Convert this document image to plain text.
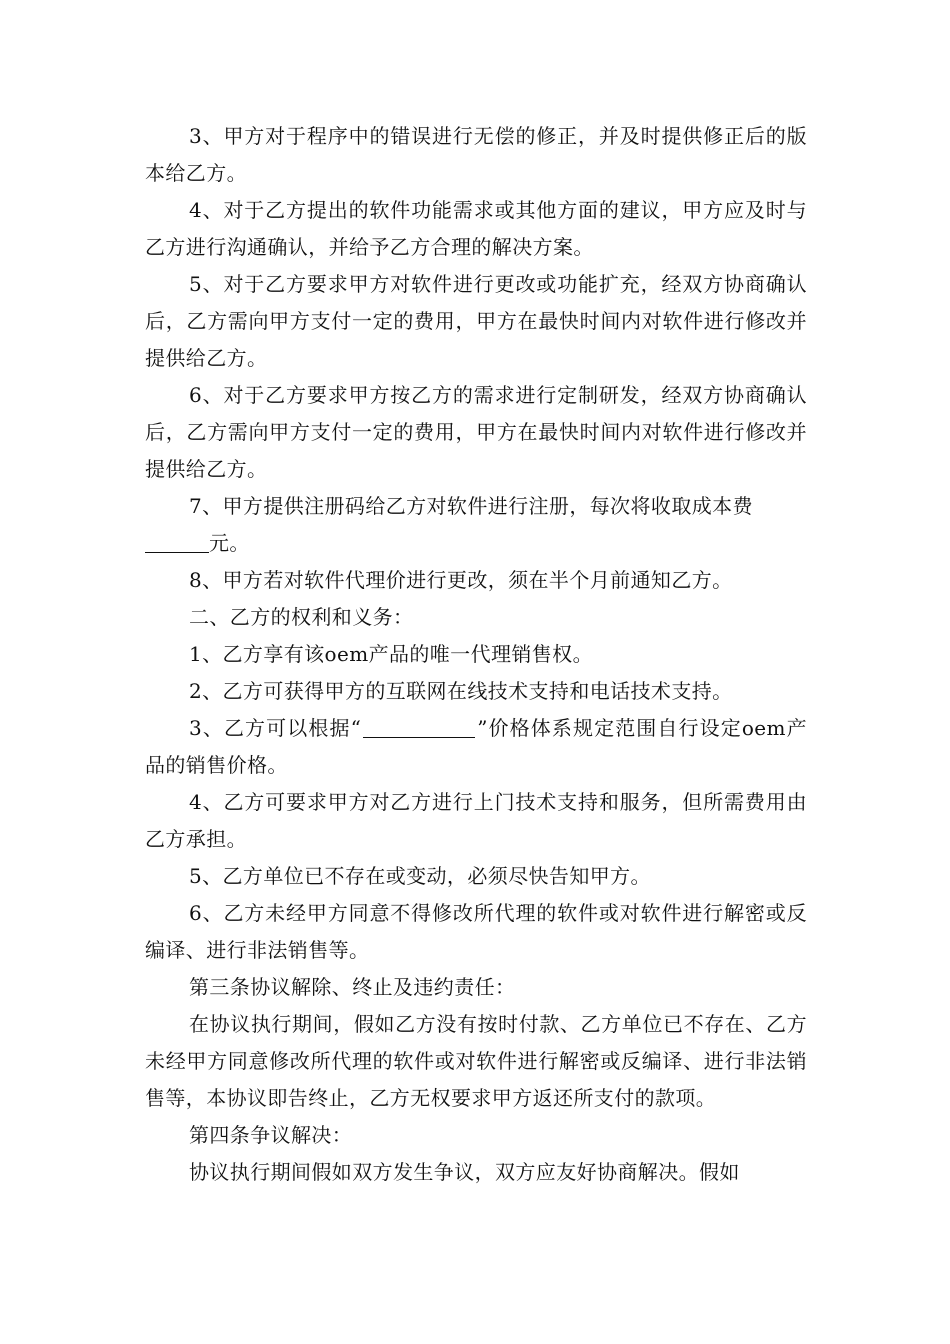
3、甲方对于程序中的错误进行无偿的修正，并及时提供修正后的版本给乙方。

4、对于乙方提出的软件功能需求或其他方面的建议，甲方应及时与乙方进行沟通确认，并给予乙方合理的解决方案。

5、对于乙方要求甲方对软件进行更改或功能扩充，经双方协商确认后，乙方需向甲方支付一定的费用，甲方在最快时间内对软件进行修改并提供给乙方。

6、对于乙方要求甲方按乙方的需求进行定制研发，经双方协商确认后，乙方需向甲方支付一定的费用，甲方在最快时间内对软件进行修改并提供给乙方。

7、甲方提供注册码给乙方对软件进行注册，每次将收取成本费
元。

8、甲方若对软件代理价进行更改，须在半个月前通知乙方。

二、乙方的权利和义务：

1、乙方享有该oem产品的唯一代理销售权。

2、乙方可获得甲方的互联网在线技术支持和电话技术支持。

3、乙方可以根据“	”价格体系规定范围自行设定oem产品的销售价格。

4、乙方可要求甲方对乙方进行上门技术支持和服务，但所需费用由乙方承担。

5、乙方单位已不存在或变动，必须尽快告知甲方。

6、乙方未经甲方同意不得修改所代理的软件或对软件进行解密或反编译、进行非法销售等。

第三条协议解除、终止及违约责任：

在协议执行期间，假如乙方没有按时付款、乙方单位已不存在、乙方未经甲方同意修改所代理的软件或对软件进行解密或反编译、进行非法销售等，本协议即告终止，乙方无权要求甲方返还所支付的款项。

第四条争议解决：

协议执行期间假如双方发生争议，双方应友好协商解决。假如
